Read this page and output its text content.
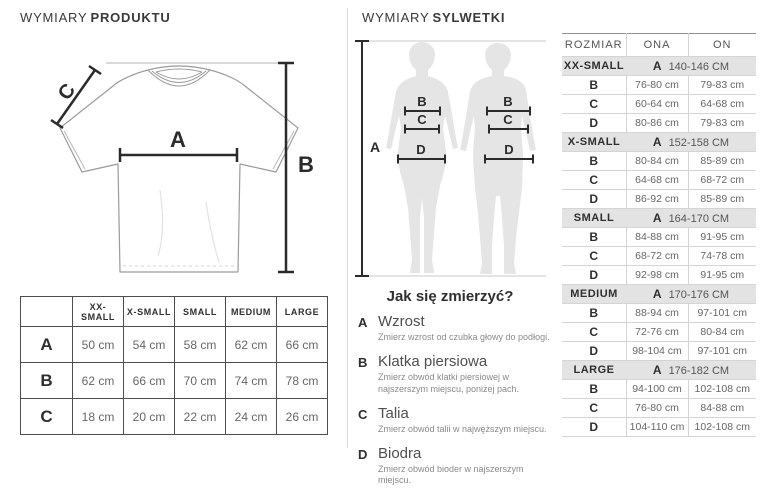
WYMIARY PRODUKTU	WYMIARY SYLWETKI
A
B
C
A
B
C
D
B
C
D
	XX-SMALL	X-SMALL	SMALL	MEDIUM	LARGE
A	50 cm	54 cm	58 cm	62 cm	66 cm
B	62 cm	66 cm	70 cm	74 cm	78 cm
C	18 cm	20 cm	22 cm	24 cm	26 cm
Jak się zmierzyć?
A Wzrost
Zmierz wzrost od czubka głowy do podłogi.
B Klatka piersiowa
Zmierz obwód klatki piersiowej w najszerszym miejscu, poniżej pach.
C Talia
Zmierz obwód talii w najwęższym miejscu.
D Biodra
Zmierz obwód bioder w najszerszym miejscu.
ROZMIAR	ONA	ON
XX-SMALL	A 140-146 CM	
B	76-80 cm	79-83 cm
C	60-64 cm	64-68 cm
D	80-86 cm	79-83 cm
X-SMALL	A 152-158 CM	
B	80-84 cm	85-89 cm
C	64-68 cm	68-72 cm
D	86-92 cm	85-89 cm
SMALL	A 164-170 CM	
B	84-88 cm	91-95 cm
C	68-72 cm	74-78 cm
D	92-98 cm	91-95 cm
MEDIUM	A 170-176 CM	
B	88-94 cm	97-101 cm
C	72-76 cm	80-84 cm
D	98-104 cm	97-101 cm
LARGE	A 176-182 CM	
B	94-100 cm	102-108 cm
C	76-80 cm	84-88 cm
D	104-110 cm	102-108 cm
